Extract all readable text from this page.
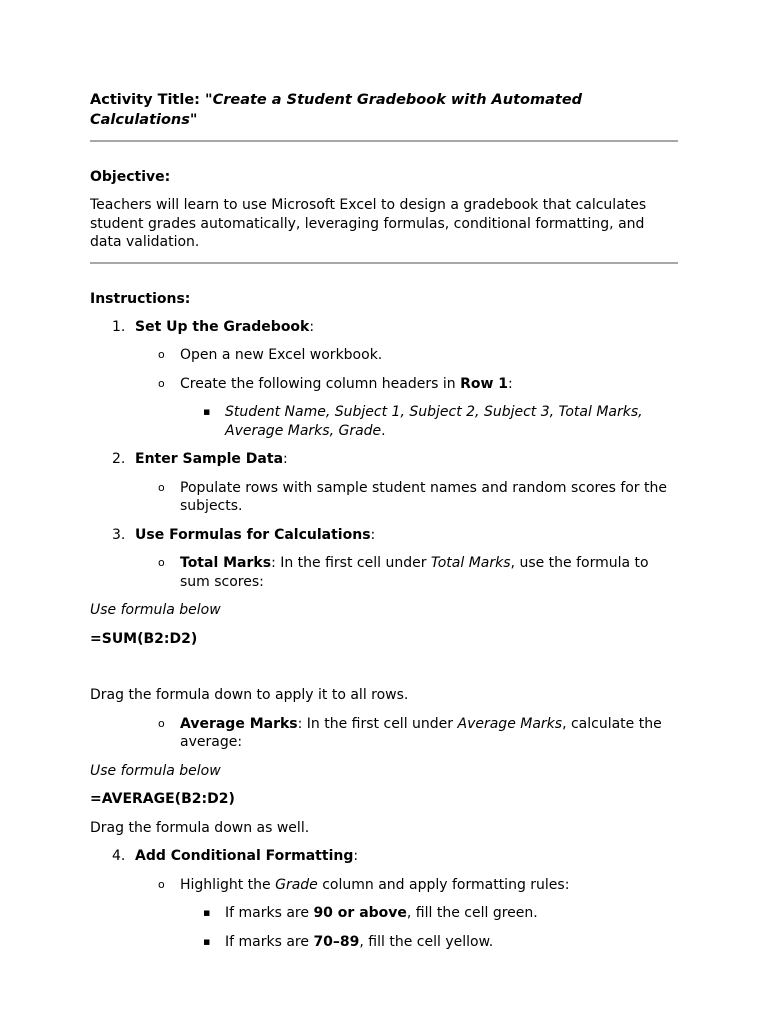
Activity Title: "Create a Student Gradebook with Automated Calculations"

Objective:
Teachers will learn to use Microsoft Excel to design a gradebook that calculates student grades automatically, leveraging formulas, conditional formatting, and data validation.
Instructions:
1. Set Up the Gradebook:
o Open a new Excel workbook.
o Create the following column headers in Row 1:
▪ Student Name, Subject 1, Subject 2, Subject 3, Total Marks, Average Marks, Grade.
2. Enter Sample Data:
o Populate rows with sample student names and random scores for the subjects.
3. Use Formulas for Calculations:
o Total Marks: In the first cell under Total Marks, use the formula to sum scores:
Use formula below
=SUM(B2:D2)
Drag the formula down to apply it to all rows.
o Average Marks: In the first cell under Average Marks, calculate the average:
Use formula below
=AVERAGE(B2:D2)
Drag the formula down as well.
4. Add Conditional Formatting:
o Highlight the Grade column and apply formatting rules:
▪ If marks are 90 or above, fill the cell green.
▪ If marks are 70–89, fill the cell yellow.
